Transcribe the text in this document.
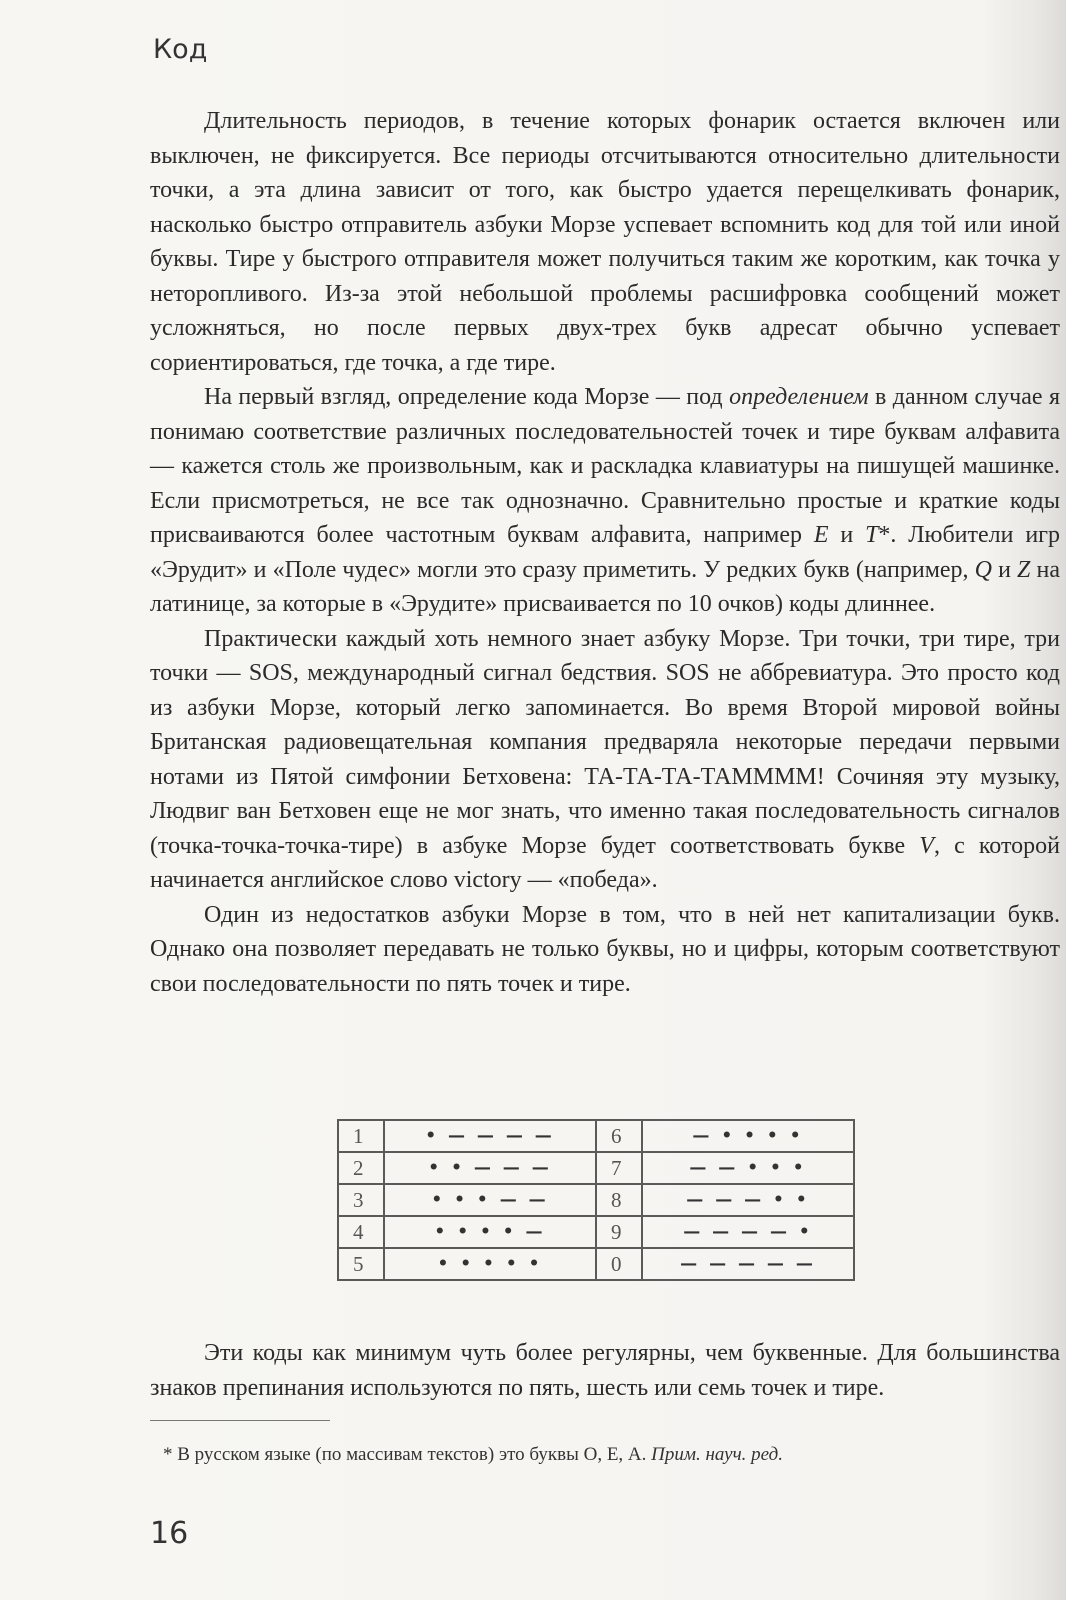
Код

Длительность периодов, в течение которых фонарик остается включен или выключен, не фиксируется. Все периоды отсчитываются относительно длительности точки, а эта длина зависит от того, как быстро удается перещелкивать фонарик, насколько быстро отправитель азбуки Морзе успевает вспомнить код для той или иной буквы. Тире у быстрого отправителя может получиться таким же коротким, как точка у неторопливого. Из-за этой небольшой проблемы расшифровка сообщений может усложняться, но после первых двух-трех букв адресат обычно успевает сориентироваться, где точка, а где тире.

На первый взгляд, определение кода Морзе — под определением в данном случае я понимаю соответствие различных последовательностей точек и тире буквам алфавита — кажется столь же произвольным, как и раскладка клавиатуры на пишущей машинке. Если присмотреться, не все так однозначно. Сравнительно простые и краткие коды присваиваются более частотным буквам алфавита, например E и T*. Любители игр «Эрудит» и «Поле чудес» могли это сразу приметить. У редких букв (например, Q и Z на латинице, за которые в «Эрудите» присваивается по 10 очков) коды длиннее.

Практически каждый хоть немного знает азбуку Морзе. Три точки, три тире, три точки — SOS, международный сигнал бедствия. SOS не аббревиатура. Это просто код из азбуки Морзе, который легко запоминается. Во время Второй мировой войны Британская радиовещательная компания предваряла некоторые передачи первыми нотами из Пятой симфонии Бетховена: ТА-ТА-ТА-ТАММММ! Сочиняя эту музыку, Людвиг ван Бетховен еще не мог знать, что именно такая последовательность сигналов (точка-точка-точка-тире) в азбуке Морзе будет соответствовать букве V, с которой начинается английское слово victory — «победа».

Один из недостатков азбуки Морзе в том, что в ней нет капитализации букв. Однако она позволяет передавать не только буквы, но и цифры, которым соответствуют свои последовательности по пять точек и тире.

1	• — — — —	6	— • • • •
2	• • — — —	7	— — • • •
3	• • • — —	8	— — — • •
4	• • • • —	9	— — — — •
5	• • • • •	0	— — — — —

Эти коды как минимум чуть более регулярны, чем буквенные. Для большинства знаков препинания используются по пять, шесть или семь точек и тире.

* В русском языке (по массивам текстов) это буквы О, Е, А. Прим. науч. ред.
16
